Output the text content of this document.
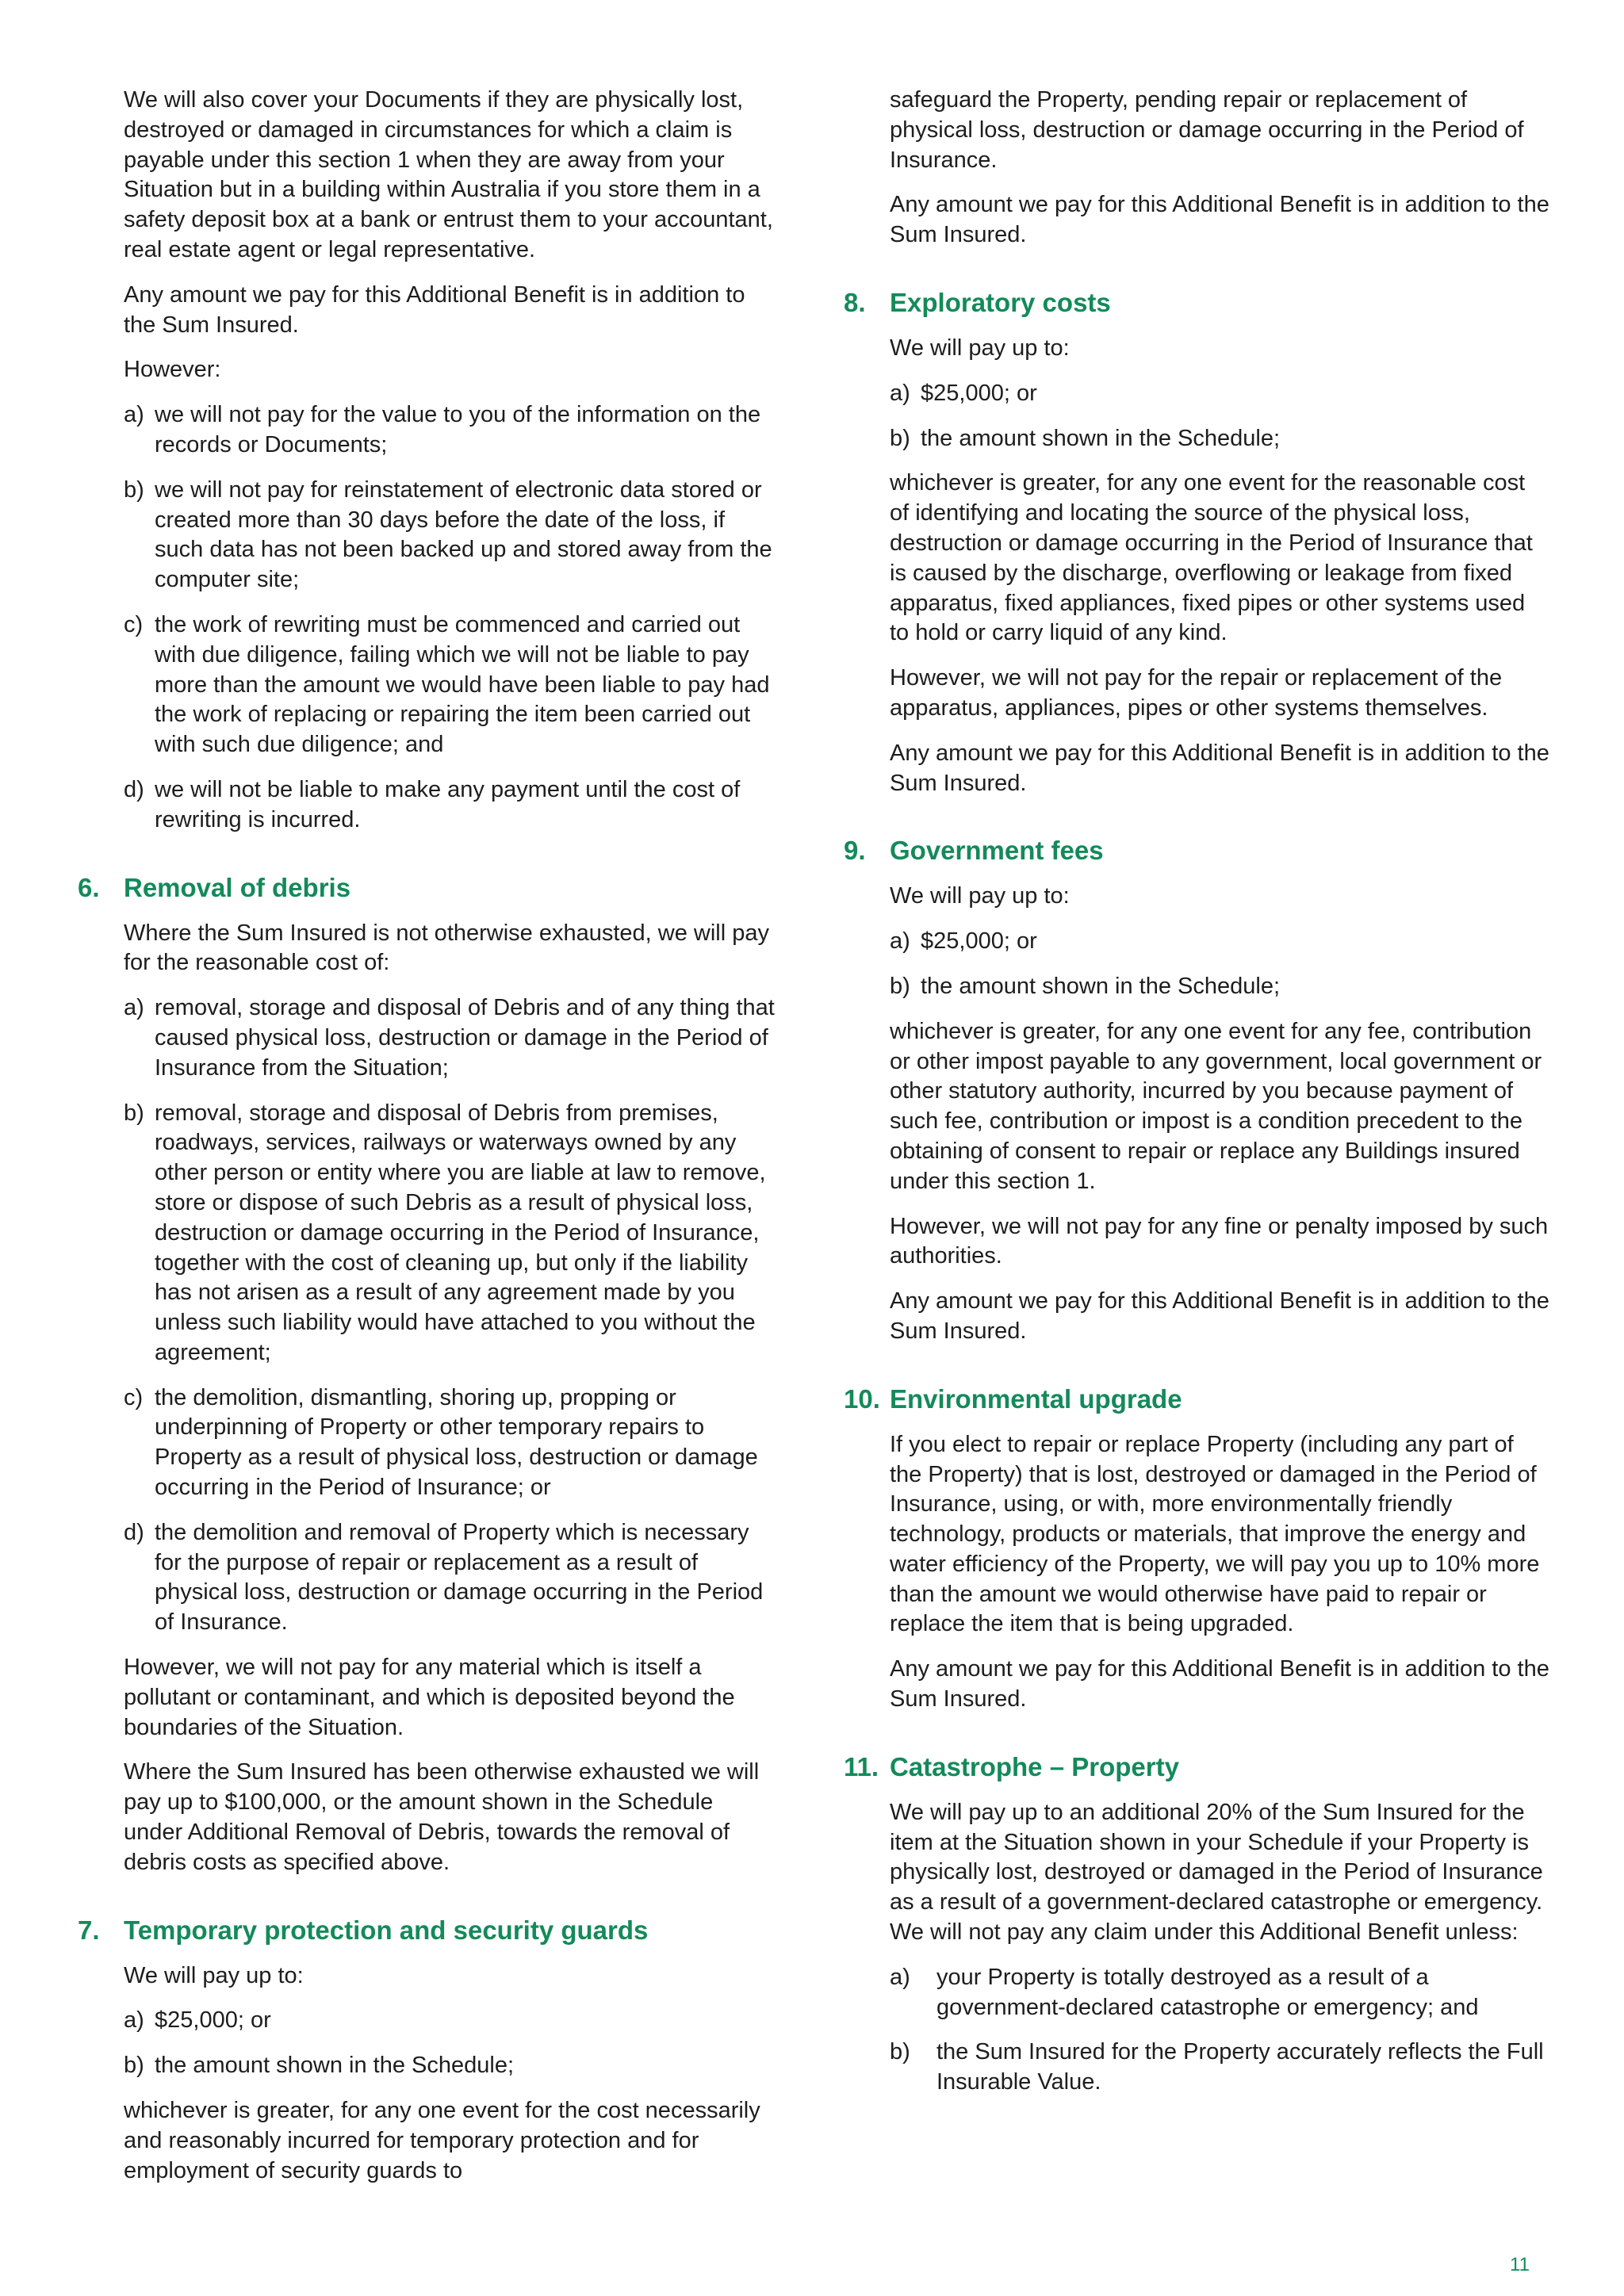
We will also cover your Documents if they are physically lost, destroyed or damaged in circumstances for which a claim is payable under this section 1 when they are away from your Situation but in a building within Australia if you store them in a safety deposit box at a bank or entrust them to your accountant, real estate agent or legal representative.

Any amount we pay for this Additional Benefit is in addition to the Sum Insured.

However:

a) we will not pay for the value to you of the information on the records or Documents;
b) we will not pay for reinstatement of electronic data stored or created more than 30 days before the date of the loss, if such data has not been backed up and stored away from the computer site;
c) the work of rewriting must be commenced and carried out with due diligence, failing which we will not be liable to pay more than the amount we would have been liable to pay had the work of replacing or repairing the item been carried out with such due diligence; and
d) we will not be liable to make any payment until the cost of rewriting is incurred.
6. Removal of debris

Where the Sum Insured is not otherwise exhausted, we will pay for the reasonable cost of:

a) removal, storage and disposal of Debris and of any thing that caused physical loss, destruction or damage in the Period of Insurance from the Situation;
b) removal, storage and disposal of Debris from premises, roadways, services, railways or waterways owned by any other person or entity where you are liable at law to remove, store or dispose of such Debris as a result of physical loss, destruction or damage occurring in the Period of Insurance, together with the cost of cleaning up, but only if the liability has not arisen as a result of any agreement made by you unless such liability would have attached to you without the agreement;
c) the demolition, dismantling, shoring up, propping or underpinning of Property or other temporary repairs to Property as a result of physical loss, destruction or damage occurring in the Period of Insurance; or
d) the demolition and removal of Property which is necessary for the purpose of repair or replacement as a result of physical loss, destruction or damage occurring in the Period of Insurance.

However, we will not pay for any material which is itself a pollutant or contaminant, and which is deposited beyond the boundaries of the Situation.

Where the Sum Insured has been otherwise exhausted we will pay up to $100,000, or the amount shown in the Schedule under Additional Removal of Debris, towards the removal of debris costs as specified above.

7. Temporary protection and security guards

We will pay up to:

a) $25,000; or
b) the amount shown in the Schedule;

whichever is greater, for any one event for the cost necessarily and reasonably incurred for temporary protection and for employment of security guards to

safeguard the Property, pending repair or replacement of physical loss, destruction or damage occurring in the Period of Insurance.

Any amount we pay for this Additional Benefit is in addition to the Sum Insured.

8. Exploratory costs

We will pay up to:

a) $25,000; or
b) the amount shown in the Schedule;

whichever is greater, for any one event for the reasonable cost of identifying and locating the source of the physical loss, destruction or damage occurring in the Period of Insurance that is caused by the discharge, overflowing or leakage from fixed apparatus, fixed appliances, fixed pipes or other systems used to hold or carry liquid of any kind.

However, we will not pay for the repair or replacement of the apparatus, appliances, pipes or other systems themselves.

Any amount we pay for this Additional Benefit is in addition to the Sum Insured.

9. Government fees

We will pay up to:

a) $25,000; or
b) the amount shown in the Schedule;

whichever is greater, for any one event for any fee, contribution or other impost payable to any government, local government or other statutory authority, incurred by you because payment of such fee, contribution or impost is a condition precedent to the obtaining of consent to repair or replace any Buildings insured under this section 1.

However, we will not pay for any fine or penalty imposed by such authorities.

Any amount we pay for this Additional Benefit is in addition to the Sum Insured.

10. Environmental upgrade

If you elect to repair or replace Property (including any part of the Property) that is lost, destroyed or damaged in the Period of Insurance, using, or with, more environmentally friendly technology, products or materials, that improve the energy and water efficiency of the Property, we will pay you up to 10% more than the amount we would otherwise have paid to repair or replace the item that is being upgraded.

Any amount we pay for this Additional Benefit is in addition to the Sum Insured.

11. Catastrophe – Property

We will pay up to an additional 20% of the Sum Insured for the item at the Situation shown in your Schedule if your Property is physically lost, destroyed or damaged in the Period of Insurance as a result of a government-declared catastrophe or emergency. We will not pay any claim under this Additional Benefit unless:

a) your Property is totally destroyed as a result of a government-declared catastrophe or emergency; and
b) the Sum Insured for the Property accurately reflects the Full Insurable Value.
11
